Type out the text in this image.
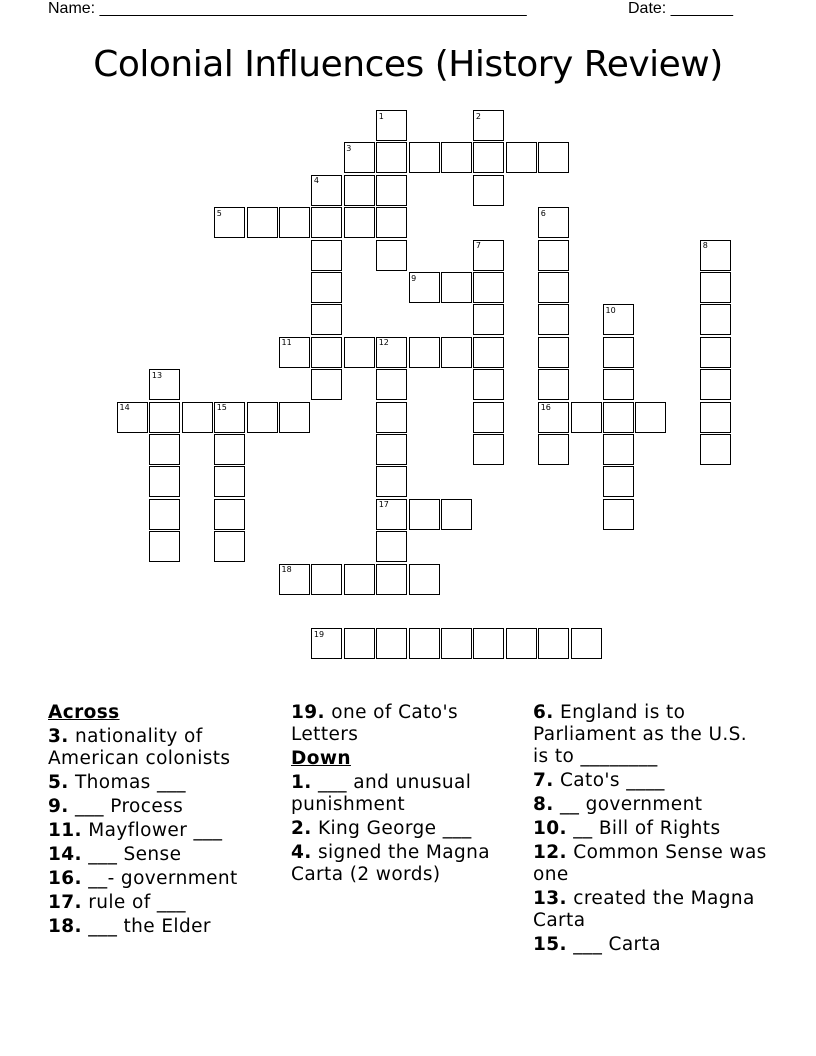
Name: ________________________________________________	Date: _______
Colonial Influences (History Review)
1	2
3
4
5	6
7	8
9
10
11	12
13
14	15	16
17
18
19
Across
3. nationality of American colonists
5. Thomas ___
9. ___ Process
11. Mayflower ___
14. ___ Sense
16. __- government
17. rule of ___
18. ___ the Elder
19. one of Cato's Letters
Down
1. ___ and unusual punishment
2. King George ___
4. signed the Magna Carta (2 words)
6. England is to Parliament as the U.S. is to ________
7. Cato's ____
8. __ government
10. __ Bill of Rights
12. Common Sense was one
13. created the Magna Carta
15. ___ Carta
